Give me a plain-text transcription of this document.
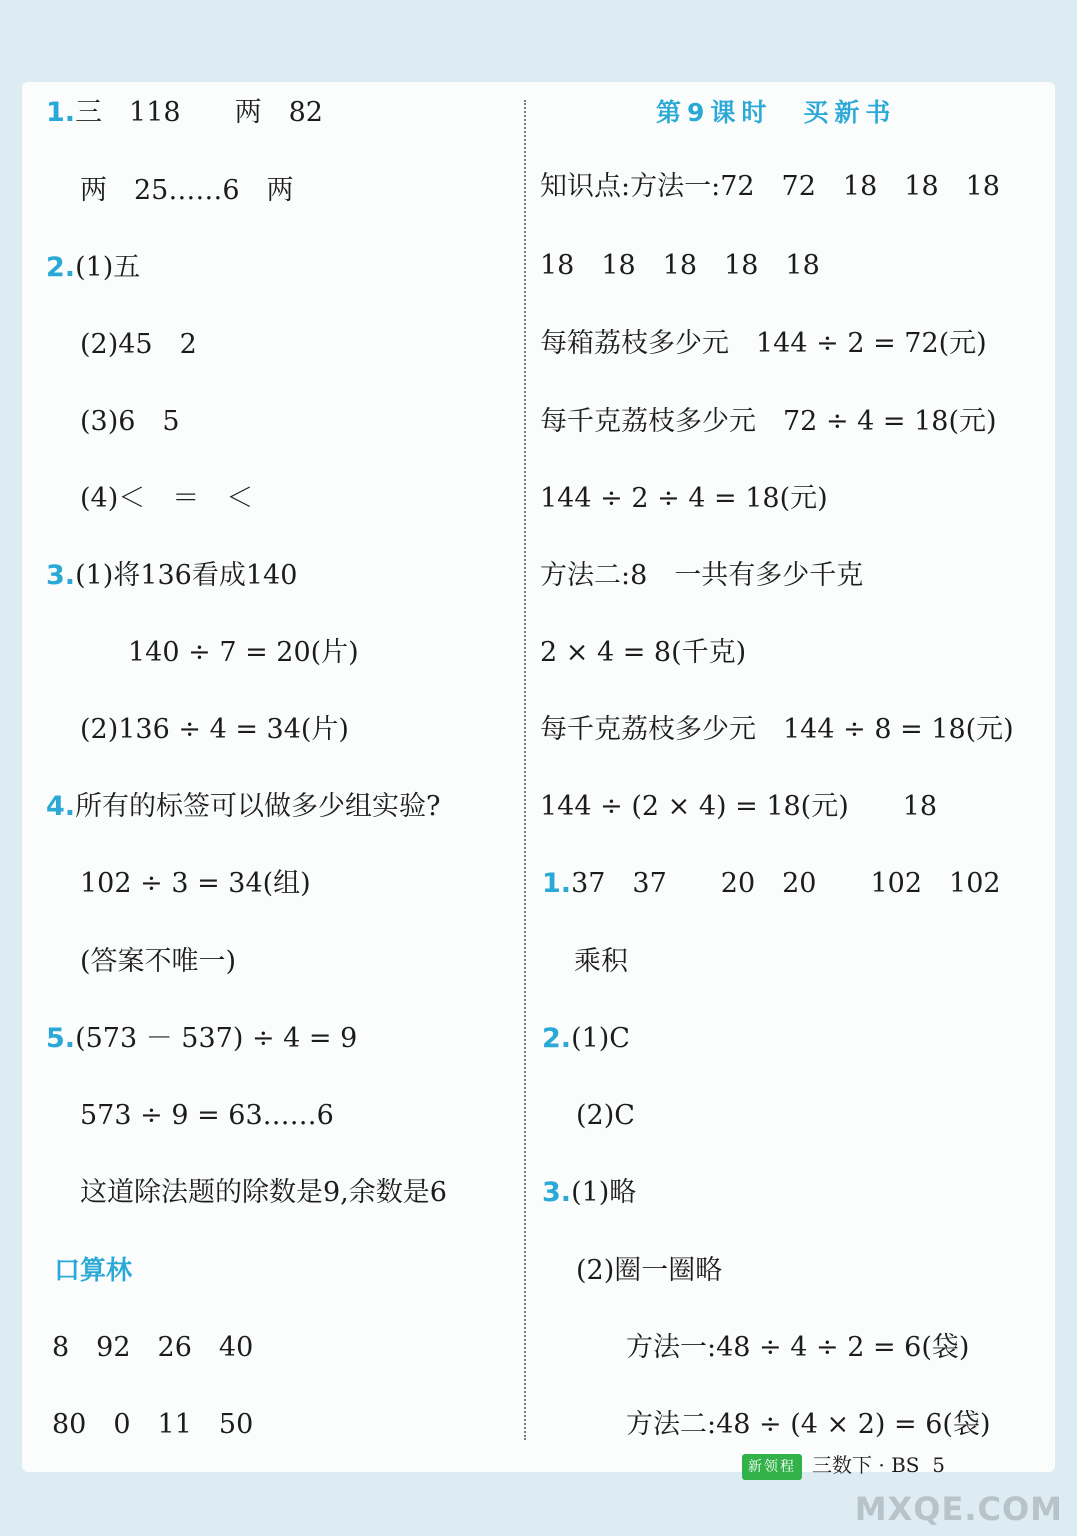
1.三　118　　两　82
两　25……6　两
2.(1)五
(2)45　2
(3)6　5
(4)＜　＝　＜
3.(1)将136看成140
140 ÷ 7 = 20(片)
(2)136 ÷ 4 = 34(片)
4.所有的标签可以做多少组实验?
102 ÷ 3 = 34(组)
(答案不唯一)
5.(573 － 537) ÷ 4 = 9
573 ÷ 9 = 63……6
这道除法题的除数是9,余数是6
口算林
8　92　26　40
80　0　11　50
第9课时　买新书
知识点:方法一:72　72　18　18　18
18　18　18　18　18
每箱荔枝多少元　144 ÷ 2 = 72(元)
每千克荔枝多少元　72 ÷ 4 = 18(元)
144 ÷ 2 ÷ 4 = 18(元)
方法二:8　一共有多少千克
2 × 4 = 8(千克)
每千克荔枝多少元　144 ÷ 8 = 18(元)
144 ÷ (2 × 4) = 18(元)　　18
1.37　37　　20　20　　102　102
乘积
2.(1)C
(2)C
3.(1)略
(2)圈一圈略
方法一:48 ÷ 4 ÷ 2 = 6(袋)
方法二:48 ÷ (4 × 2) = 6(袋)
新领程 三数下 · BS 5
MXQE.COM
